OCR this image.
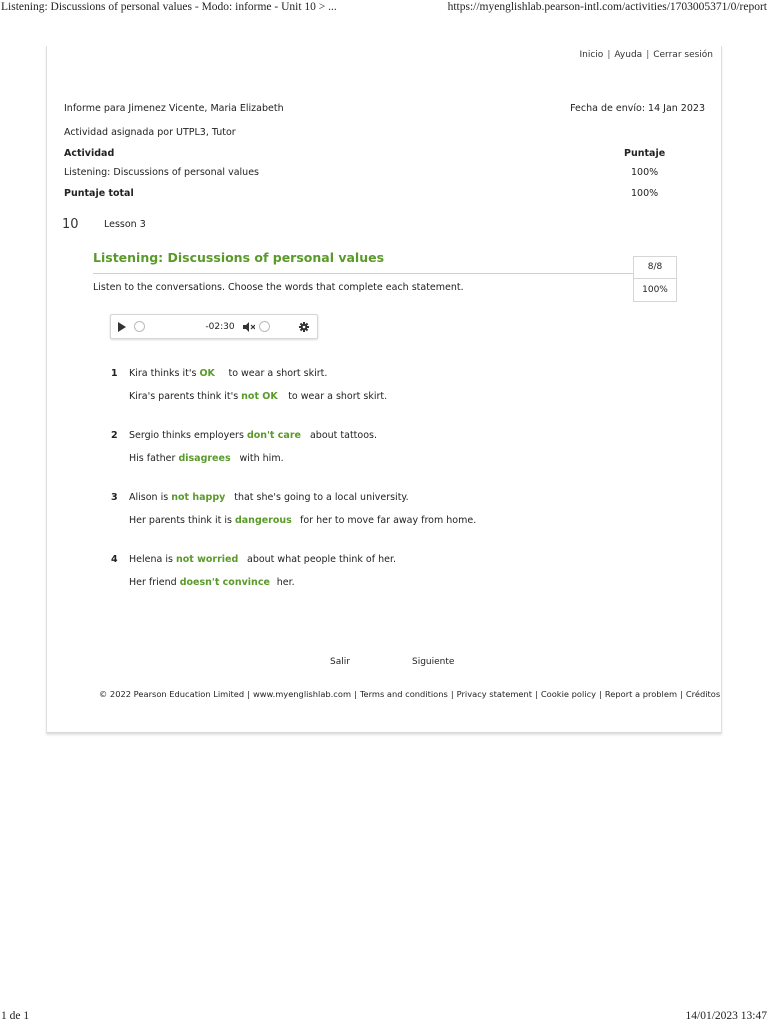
Listening: Discussions of personal values - Modo: informe - Unit 10 > ...	https://myenglishlab.pearson-intl.com/activities/1703005371/0/report
Inicio | Ayuda | Cerrar sesión
Informe para Jimenez Vicente, Maria Elizabeth	Fecha de envío: 14 Jan 2023
Actividad asignada por UTPL3, Tutor
Actividad	Puntaje
Listening: Discussions of personal values	100%
Puntaje total	100%
10	Lesson 3
Listening: Discussions of personal values
8/8
100%
Listen to the conversations. Choose the words that complete each statement.
-02:30
1 Kira thinks it's OK to wear a short skirt.
Kira's parents think it's not OK to wear a short skirt.
2 Sergio thinks employers don't care about tattoos.
His father disagrees with him.
3 Alison is not happy that she's going to a local university.
Her parents think it is dangerous for her to move far away from home.
4 Helena is not worried about what people think of her.
Her friend doesn't convince her.
Salir	Siguiente
© 2022 Pearson Education Limited | www.myenglishlab.com | Terms and conditions | Privacy statement | Cookie policy | Report a problem | Créditos
1 de 1	14/01/2023 13:47
